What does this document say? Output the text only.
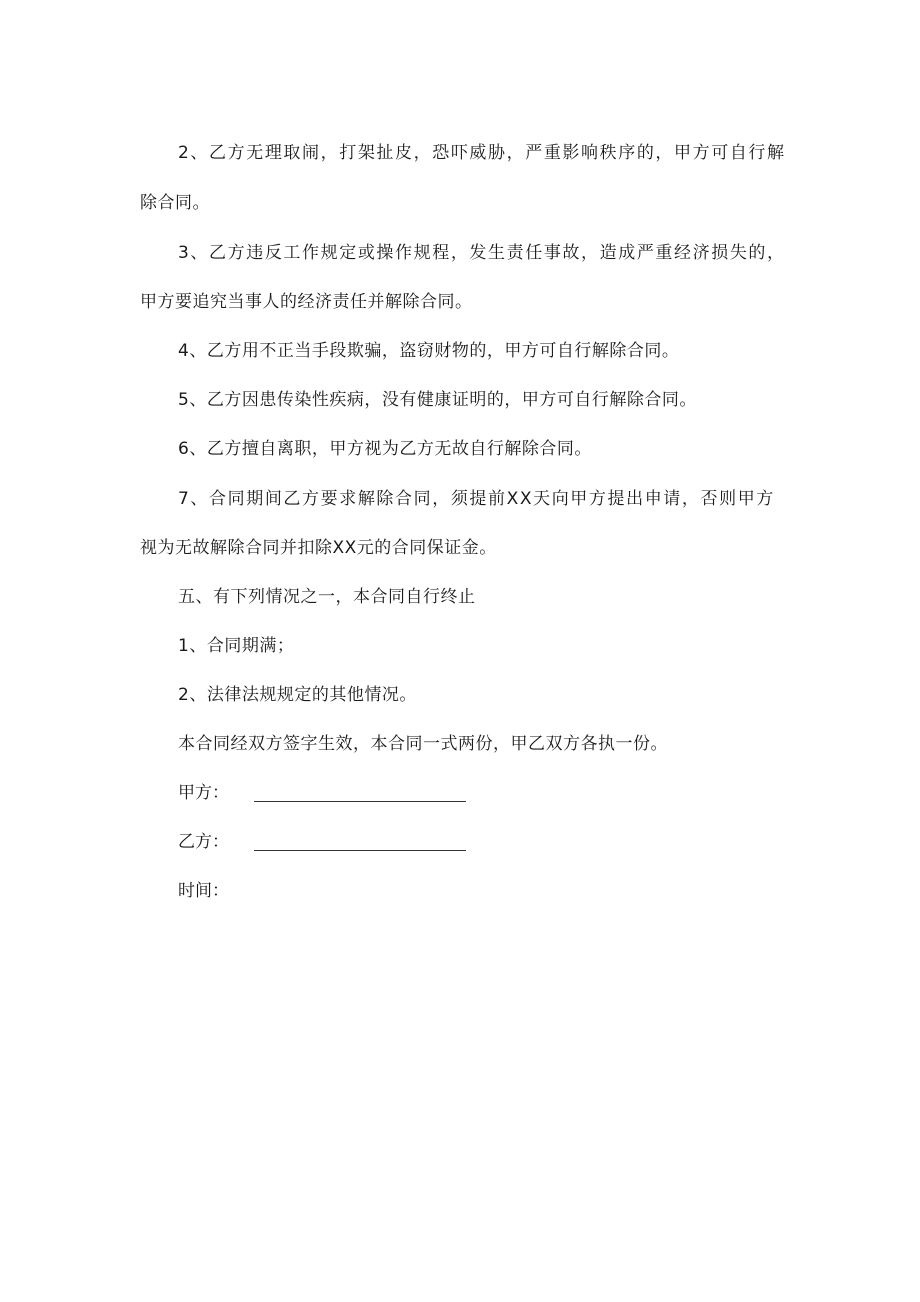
2、乙方无理取闹，打架扯皮，恐吓威胁，严重影响秩序的，甲方可自行解

除合同。

3、乙方违反工作规定或操作规程，发生责任事故，造成严重经济损失的，

甲方要追究当事人的经济责任并解除合同。

4、乙方用不正当手段欺骗，盗窃财物的，甲方可自行解除合同。

5、乙方因患传染性疾病，没有健康证明的，甲方可自行解除合同。

6、乙方擅自离职，甲方视为乙方无故自行解除合同。

7、合同期间乙方要求解除合同，须提前XX天向甲方提出申请，否则甲方

视为无故解除合同并扣除XX元的合同保证金。

五、有下列情况之一，本合同自行终止

1、合同期满；

2、法律法规规定的其他情况。

本合同经双方签字生效，本合同一式两份，甲乙双方各执一份。

甲方：
乙方：
时间：
